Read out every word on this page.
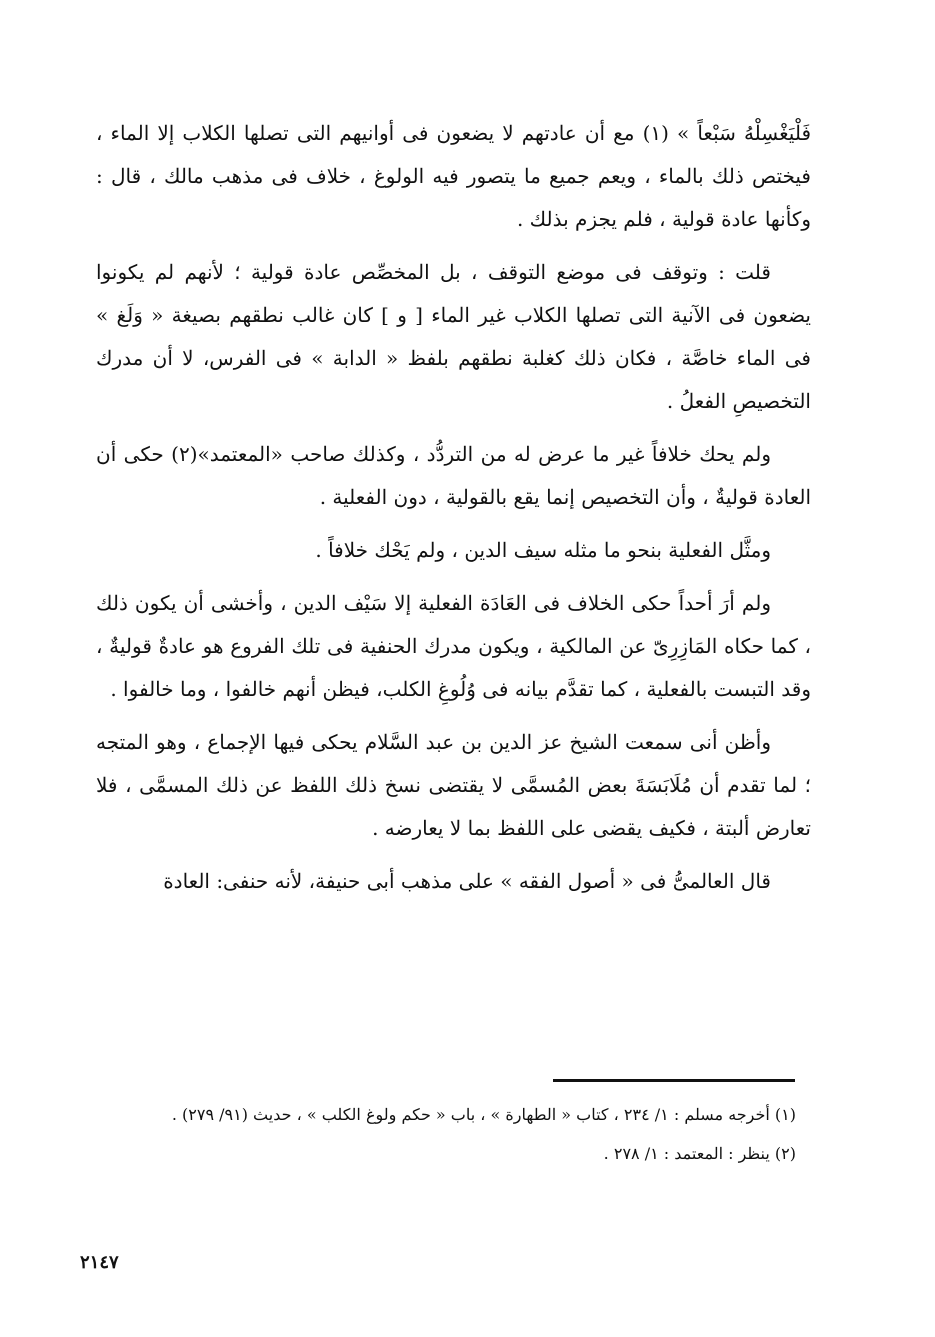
فَلْيَغْسِلْهُ سَبْعاً » (١) مع أن عادتهم لا يضعون فى أوانيهم التى تصلها الكلاب إلا الماء ، فيختص ذلك بالماء ، ويعم جميع ما يتصور فيه الولوغ ، خلاف فى مذهب مالك ، قال : وكأنها عادة قولية ، فلم يجزم بذلك .
قلت : وتوقف فى موضع التوقف ، بل المخصِّص عادة قولية ؛ لأنهم لم يكونوا يضعون فى الآنية التى تصلها الكلاب غير الماء [ و ] كان غالب نطقهم بصيغة « وَلَغ » فى الماء خاصَّة ، فكان ذلك كغلبة نطقهم بلفظ « الدابة » فى الفرس، لا أن مدرك التخصيصِ الفعلُ .
ولم يحك خلافاً غير ما عرض له من التردُّد ، وكذلك صاحب «المعتمد»(٢) حكى أن العادة قوليةٌ ، وأن التخصيص إنما يقع بالقولية ، دون الفعلية .
ومثَّل الفعلية بنحو ما مثله سيف الدين ، ولم يَحْك خلافاً .
ولم أرَ أحداً حكى الخلاف فى العَادَة الفعلية إلا سَيْف الدين ، وأخشى أن يكون ذلك ، كما حكاه المَازِرِىّ عن المالكية ، ويكون مدرك الحنفية فى تلك الفروع هو عادةٌ قوليةٌ ، وقد التبست بالفعلية ، كما تقدَّم بيانه فى وُلُوغِ الكلب، فيظن أنهم خالفوا ، وما خالفوا .
وأظن أنى سمعت الشيخ عز الدين بن عبد السَّلام يحكى فيها الإجماع ، وهو المتجه ؛ لما تقدم أن مُلَابَسَةَ بعض المُسمَّى لا يقتضى نسخ ذلك اللفظ عن ذلك المسمَّى ، فلا تعارض ألبتة ، فكيف يقضى على اللفظ بما لا يعارضه .
قال العالمىُّ فى « أصول الفقه » على مذهب أبى حنيفة، لأنه حنفى: العادة
(١) أخرجه مسلم : ١/ ٢٣٤ ، كتاب « الطهارة » ، باب « حكم ولوغ الكلب » ، حديث (٩١/ ٢٧٩) .
(٢) ينظر : المعتمد : ١/ ٢٧٨ .
٢١٤٧
